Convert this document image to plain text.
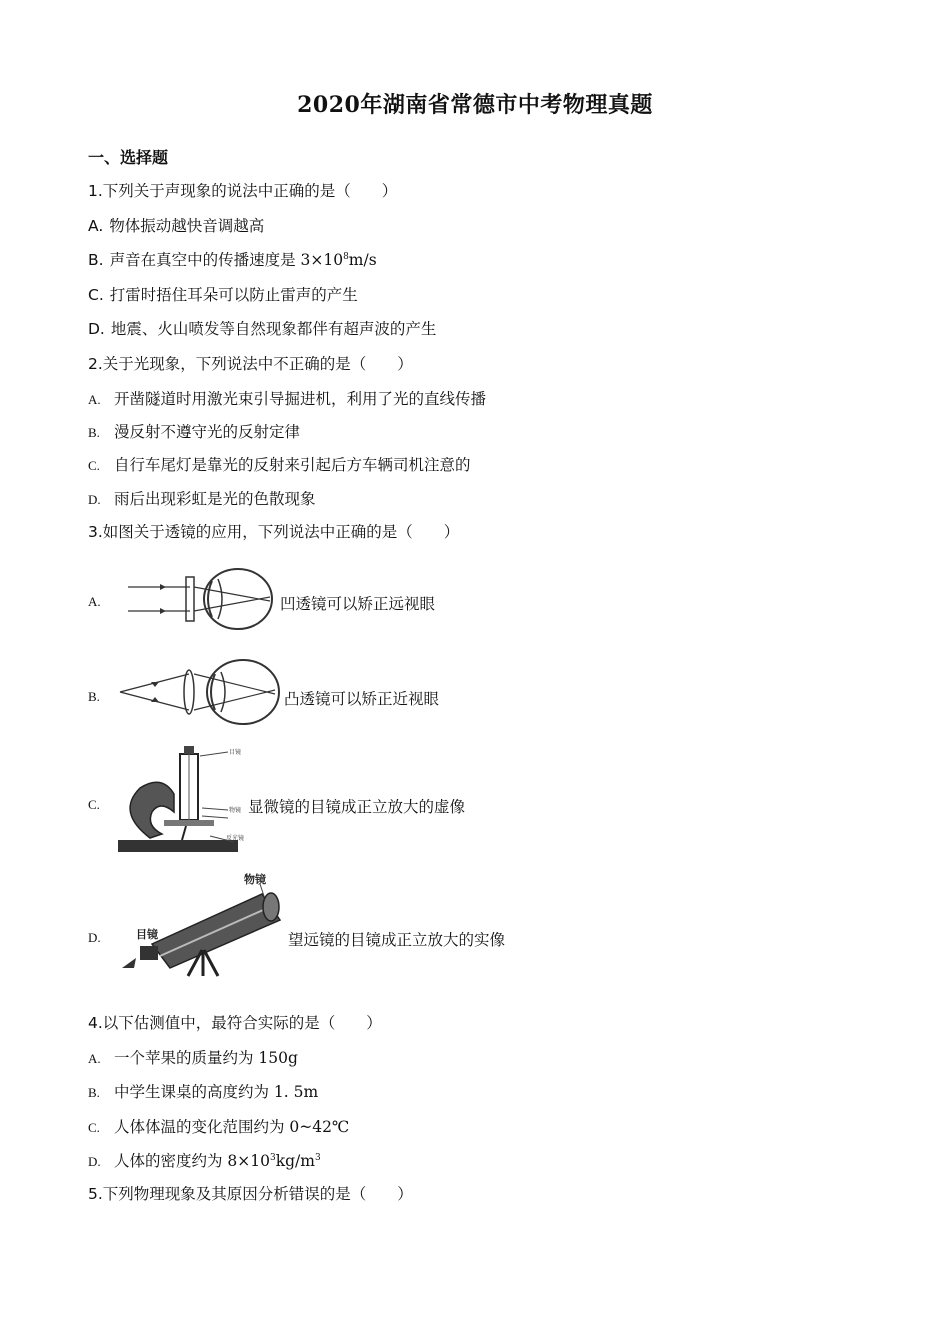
2020年湖南省常德市中考物理真题
一、选择题
1.下列关于声现象的说法中正确的是（　　）
A. 物体振动越快音调越高
B. 声音在真空中的传播速度是 $3\times 10^8m/s$
C. 打雷时捂住耳朵可以防止雷声的产生
D. 地震、火山喷发等自然现象都伴有超声波的产生
2.关于光现象，下列说法中不正确的是（　　）
A. 开凿隧道时用激光束引导掘进机，利用了光的直线传播
B. 漫反射不遵守光的反射定律
C. 自行车尾灯是靠光的反射来引起后方车辆司机注意的
D. 雨后出现彩虹是光的色散现象
3.如图关于透镜的应用，下列说法中正确的是（　　）
A.	凹透镜可以矫正远视眼
B.	凸透镜可以矫正近视眼
C.
目镜
物镜
反光镜
显微镜的目镜成正立放大的虚像
D.
物镜
目镜	望远镜的目镜成正立放大的实像
4.以下估测值中，最符合实际的是（　　）
A. 一个苹果的质量约为 150g
B. 中学生课桌的高度约为 1. 5m
C. 人体体温的变化范围约为 0~42℃
D. 人体的密度约为 $8\times 10^3kg/m^3$
5.下列物理现象及其原因分析错误的是（　　）
